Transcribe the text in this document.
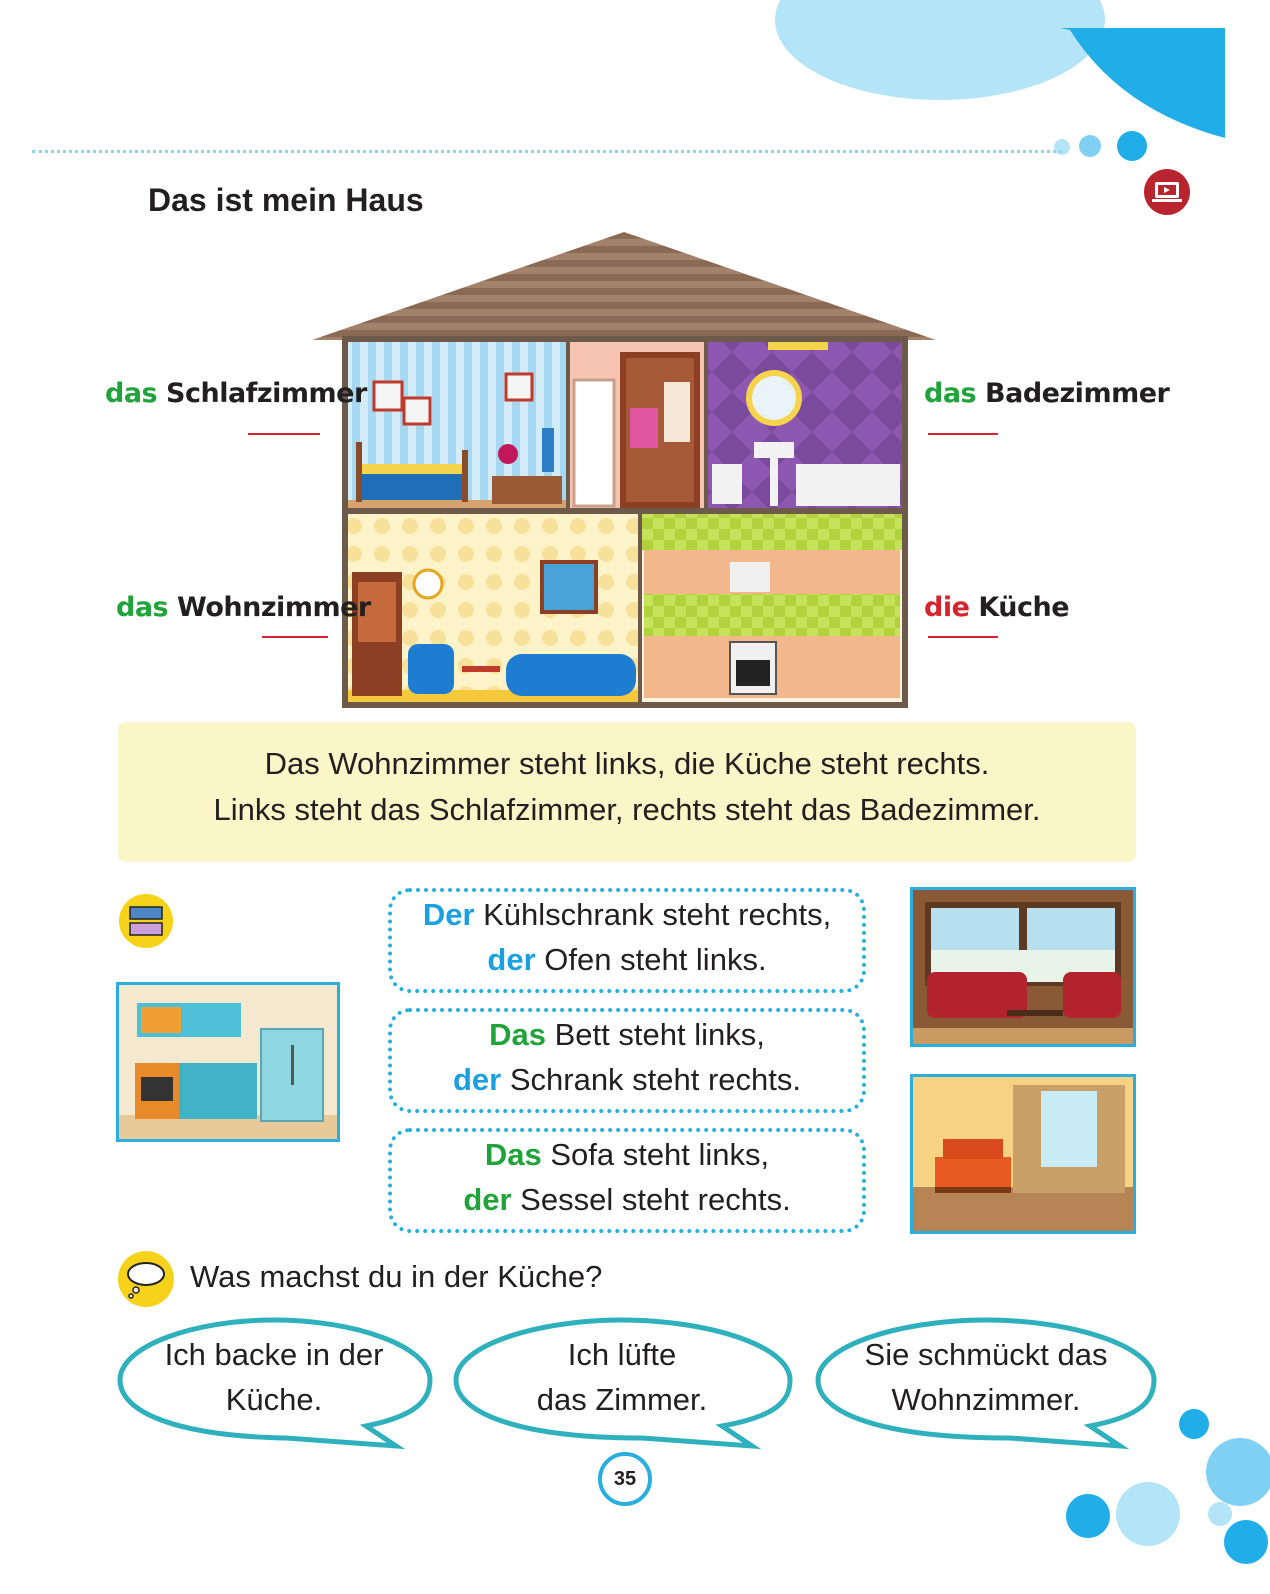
Das ist mein Haus
das Schlafzimmer	das Badezimmer
das Wohnzimmer	die Küche
Das Wohnzimmer steht links, die Küche steht rechts.
Links steht das Schlafzimmer, rechts steht das Badezimmer.
Der Kühlschrank steht rechts,
der Ofen steht links.
Das Bett steht links,
der Schrank steht rechts.
Das Sofa steht links,
der Sessel steht rechts.
Was machst du in der Küche?
Ich backe in der
Küche.
Ich lüfte
das Zimmer.
Sie schmückt das
Wohnzimmer.
35
